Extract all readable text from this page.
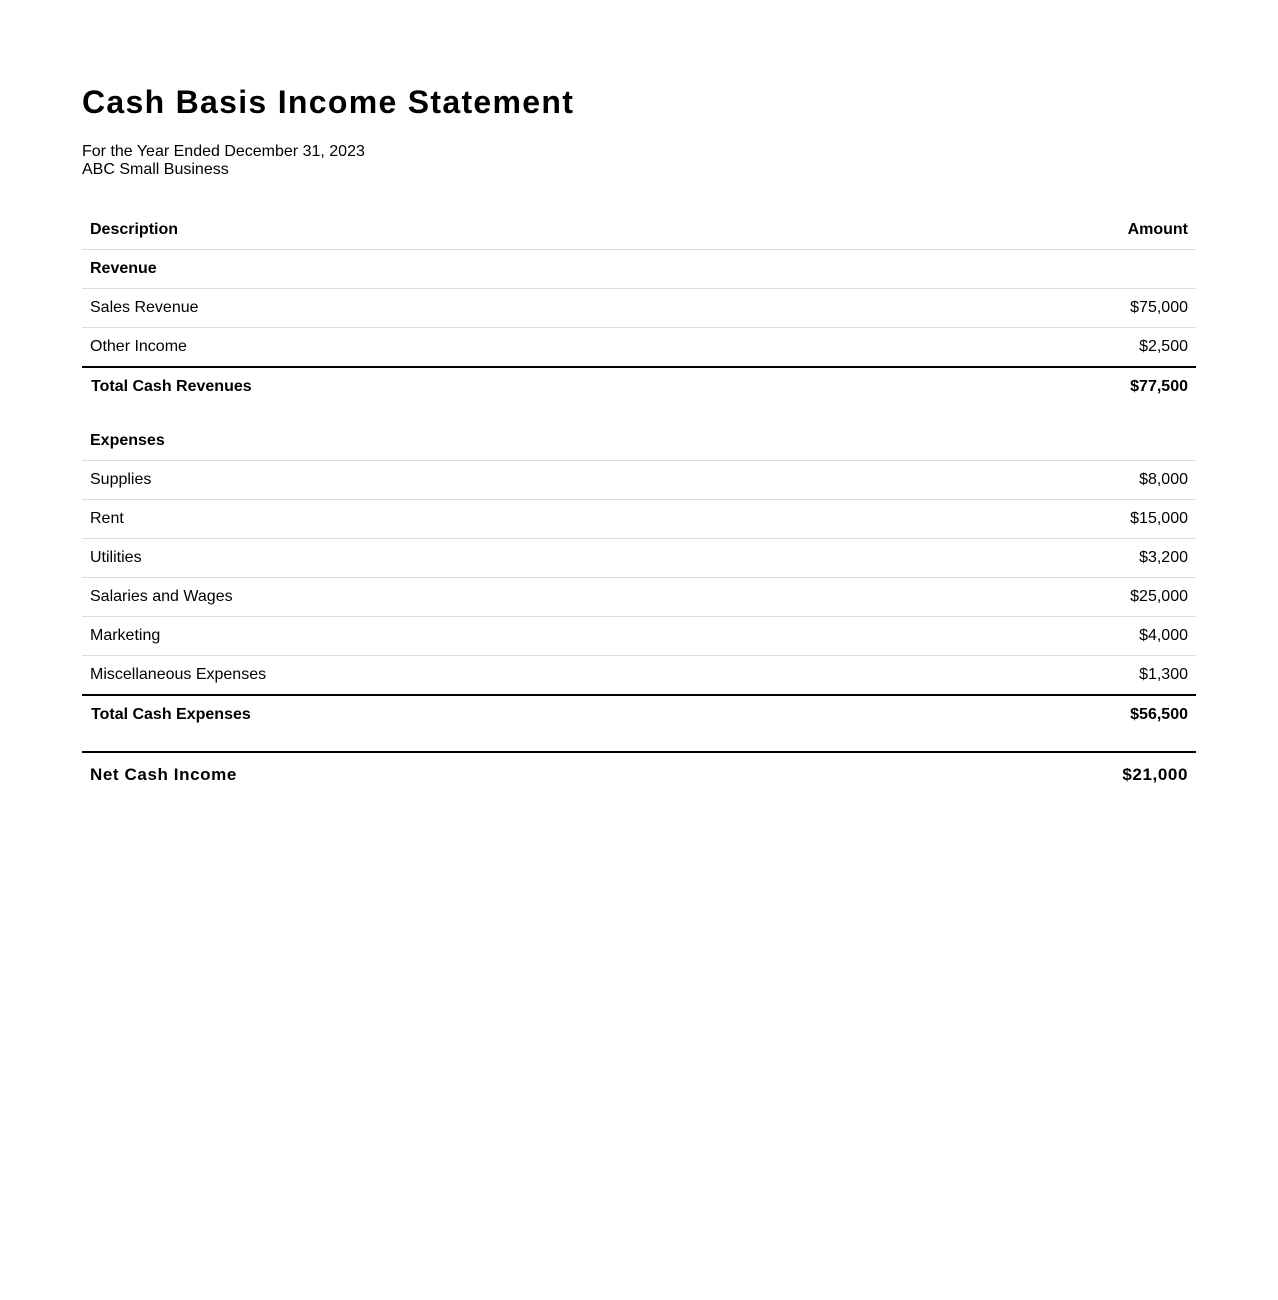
Cash Basis Income Statement
For the Year Ended December 31, 2023
ABC Small Business
Description	Amount
Revenue	
Sales Revenue	$75,000
Other Income	$2,500
Total Cash Revenues	$77,500

Expenses	
Supplies	$8,000
Rent	$15,000
Utilities	$3,200
Salaries and Wages	$25,000
Marketing	$4,000
Miscellaneous Expenses	$1,300
Total Cash Expenses	$56,500

Net Cash Income	$21,000
